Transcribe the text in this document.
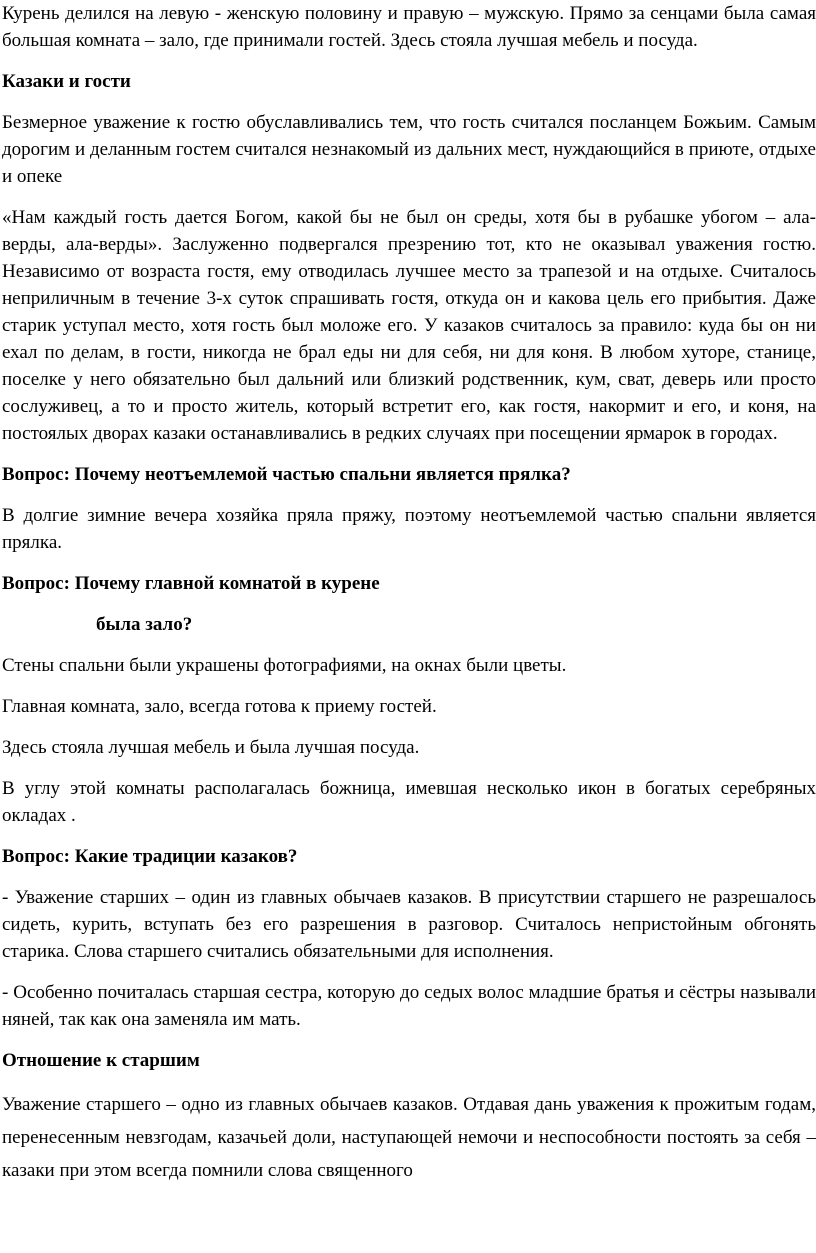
Курень делился на левую - женскую половину и правую – мужскую. Прямо за сенцами была самая большая комната – зало, где принимали гостей. Здесь стояла лучшая мебель и посуда.

Казаки и гости

Безмерное уважение к гостю обуславливались тем, что гость считался посланцем Божьим. Самым дорогим и деланным гостем считался незнакомый из дальних мест, нуждающийся в приюте, отдыхе и опеке

«Нам каждый гость дается Богом, какой бы не был он среды, хотя бы в рубашке убогом – ала-верды, ала-верды». Заслуженно подвергался презрению тот, кто не оказывал уважения гостю. Независимо от возраста гостя, ему отводилась лучшее место за трапезой и на отдыхе. Считалось неприличным в течение 3-х суток спрашивать гостя, откуда он и какова цель его прибытия. Даже старик уступал место, хотя гость был моложе его. У казаков считалось за правило: куда бы он ни ехал по делам, в гости, никогда не брал еды ни для себя, ни для коня. В любом хуторе, станице, поселке у него обязательно был дальний или близкий родственник, кум, сват, деверь или просто сослуживец, а то и просто житель, который встретит его, как гостя, накормит и его, и коня, на постоялых дворах казаки останавливались в редких случаях при посещении ярмарок в городах.

Вопрос: Почему неотъемлемой частью спальни является прялка?

В долгие зимние вечера хозяйка пряла пряжу, поэтому неотъемлемой частью спальни является прялка.

Вопрос: Почему главной комнатой в курене

была зало?

Стены спальни были украшены фотографиями, на окнах были цветы.

Главная комната, зало, всегда готова к приему гостей.

Здесь стояла лучшая мебель и была лучшая посуда.

В углу этой комнаты располагалась божница, имевшая несколько икон в богатых серебряных окладах .

Вопрос: Какие традиции казаков?

- Уважение старших – один из главных обычаев казаков. В присутствии старшего не разрешалось сидеть, курить, вступать без его разрешения в разговор. Считалось непристойным обгонять старика. Слова старшего считались обязательными для исполнения.

- Особенно почиталась старшая сестра, которую до седых волос младшие братья и сёстры называли няней, так как она заменяла им мать.

Отношение к старшим

Уважение старшего – одно из главных обычаев казаков. Отдавая дань уважения к прожитым годам, перенесенным невзгодам, казачьей доли, наступающей немочи и неспособности постоять за себя – казаки при этом всегда помнили слова священного
